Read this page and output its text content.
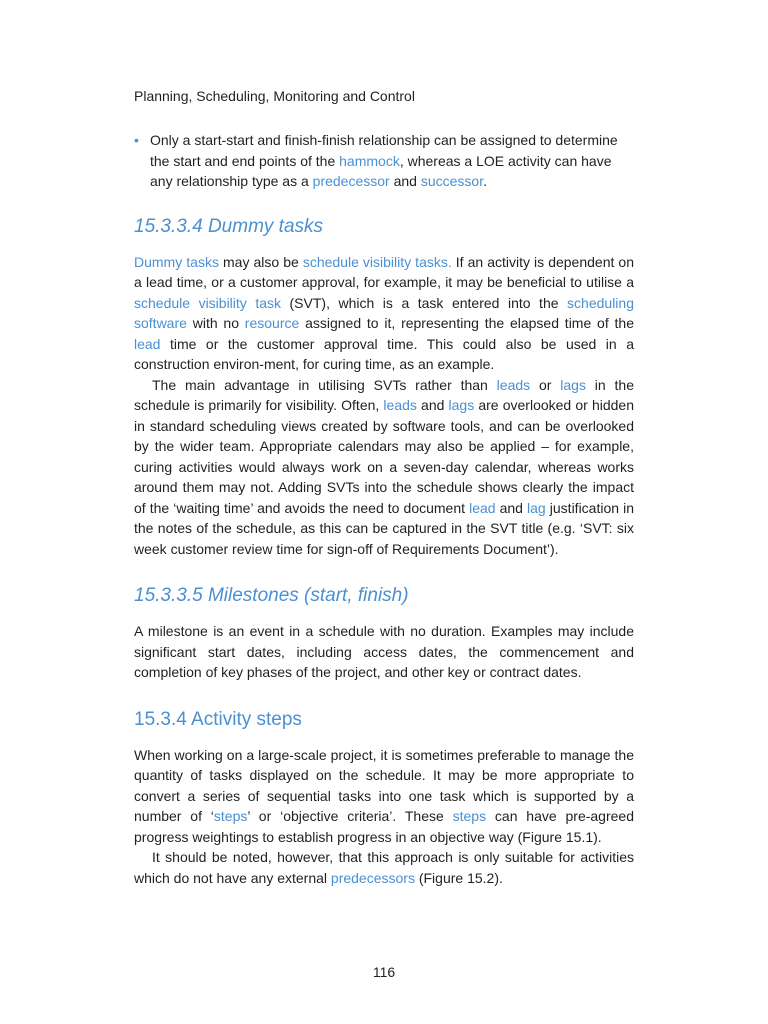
Planning, Scheduling, Monitoring and Control
• Only a start-start and finish-finish relationship can be assigned to determine the start and end points of the hammock, whereas a LOE activity can have any relationship type as a predecessor and successor.

15.3.3.4 Dummy tasks

Dummy tasks may also be schedule visibility tasks. If an activity is dependent on a lead time, or a customer approval, for example, it may be beneficial to utilise a schedule visibility task (SVT), which is a task entered into the scheduling software with no resource assigned to it, representing the elapsed time of the lead time or the customer approval time. This could also be used in a construction environ-ment, for curing time, as an example.

The main advantage in utilising SVTs rather than leads or lags in the schedule is primarily for visibility. Often, leads and lags are overlooked or hidden in standard scheduling views created by software tools, and can be overlooked by the wider team. Appropriate calendars may also be applied – for example, curing activities would always work on a seven-day calendar, whereas works around them may not. Adding SVTs into the schedule shows clearly the impact of the ‘waiting time’ and avoids the need to document lead and lag justification in the notes of the schedule, as this can be captured in the SVT title (e.g. ‘SVT: six week customer review time for sign-off of Requirements Document’).

15.3.3.5 Milestones (start, finish)

A milestone is an event in a schedule with no duration. Examples may include significant start dates, including access dates, the commencement and completion of key phases of the project, and other key or contract dates.

15.3.4 Activity steps

When working on a large-scale project, it is sometimes preferable to manage the quantity of tasks displayed on the schedule. It may be more appropriate to convert a series of sequential tasks into one task which is supported by a number of ‘steps’ or ‘objective criteria’. These steps can have pre-agreed progress weightings to establish progress in an objective way (Figure 15.1).

It should be noted, however, that this approach is only suitable for activities which do not have any external predecessors (Figure 15.2).

116
